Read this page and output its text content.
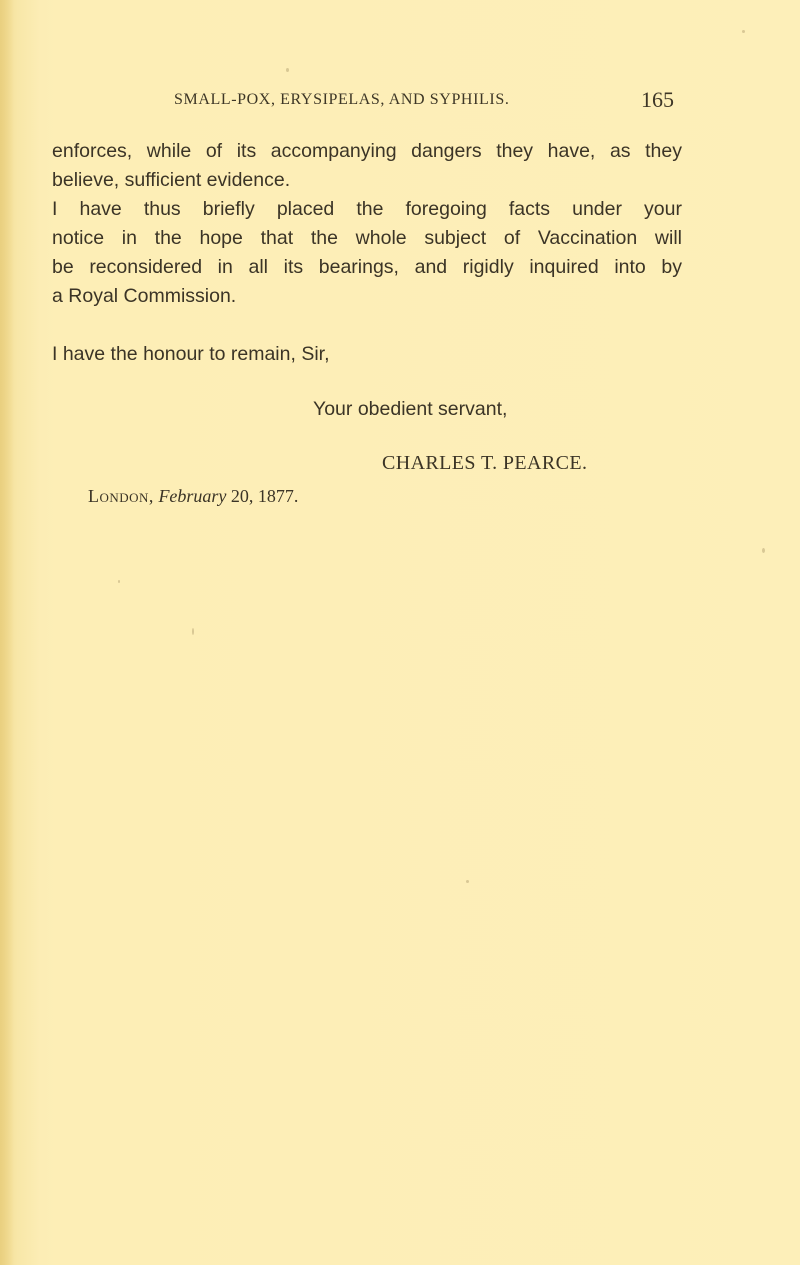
SMALL-POX, ERYSIPELAS, AND SYPHILIS.	165

enforces, while of its accompanying dangers they have, as they
believe, sufficient evidence.

I have thus briefly placed the foregoing facts under your
notice in the hope that the whole subject of Vaccination will
be reconsidered in all its bearings, and rigidly inquired into by
a Royal Commission.

I have the honour to remain, Sir,
Your obedient servant,
CHARLES T. PEARCE.
London, February 20, 1877.
